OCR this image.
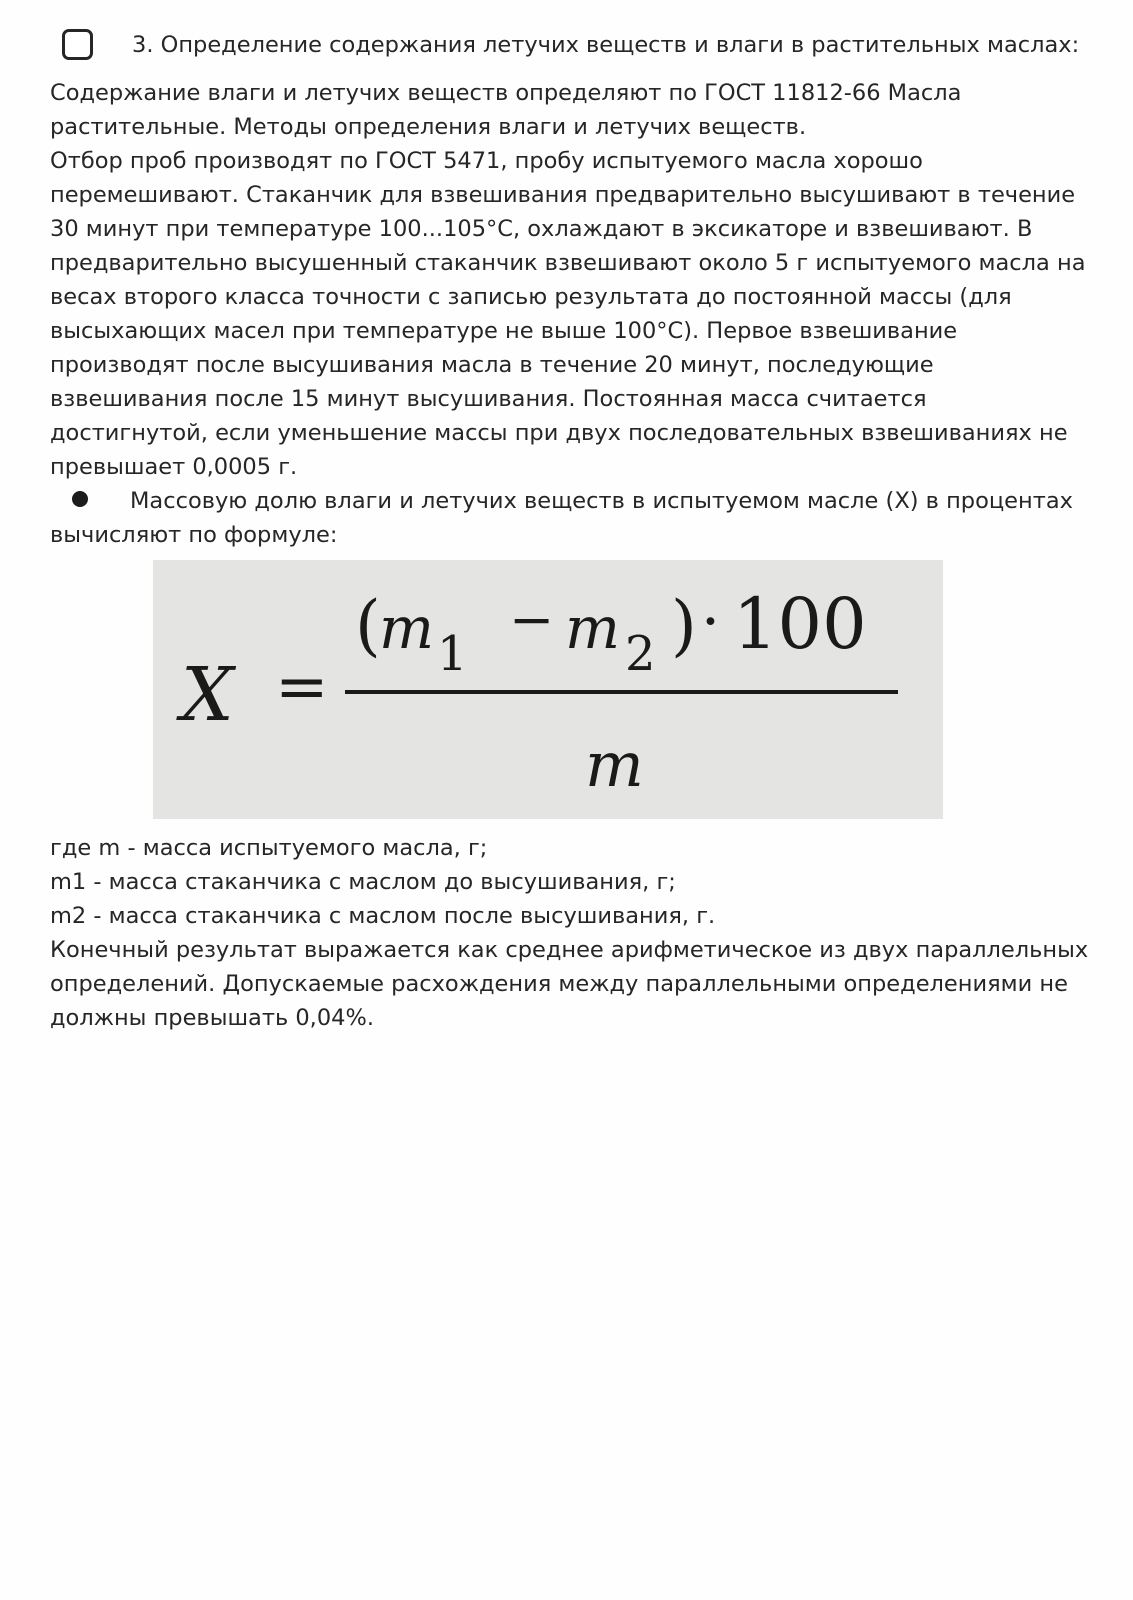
3. Определение содержания летучих веществ и влаги в растительных маслах:

Содержание влаги и летучих веществ определяют по ГОСТ 11812-66 Масла растительные. Методы определения влаги и летучих веществ.

Отбор проб производят по ГОСТ 5471, пробу испытуемого масла хорошо перемешивают. Стаканчик для взвешивания предварительно высушивают в течение 30 минут при температуре 100...105°С, охлаждают в эксикаторе и взвешивают. В предварительно высушенный стаканчик взвешивают около 5 г испытуемого масла на весах второго класса точности с записью результата до постоянной массы (для высыхающих масел при температуре не выше 100°С). Первое взвешивание производят после высушивания масла в течение 20 минут, последующие взвешивания после 15 минут высушивания. Постоянная масса считается достигнутой, если уменьшение массы при двух последовательных взвешиваниях не превышает 0,0005 г.

Массовую долю влаги и летучих веществ в испытуемом масле (Х) в процентах вычисляют по формуле:

X =
(
m 1
− m 2 ) · 100
m

где m - масса испытуемого масла, г;

m1 - масса стаканчика с маслом до высушивания, г;

m2 - масса стаканчика с маслом после высушивания, г.

Конечный результат выражается как среднее арифметическое из двух параллельных определений. Допускаемые расхождения между параллельными определениями не должны превышать 0,04%.
